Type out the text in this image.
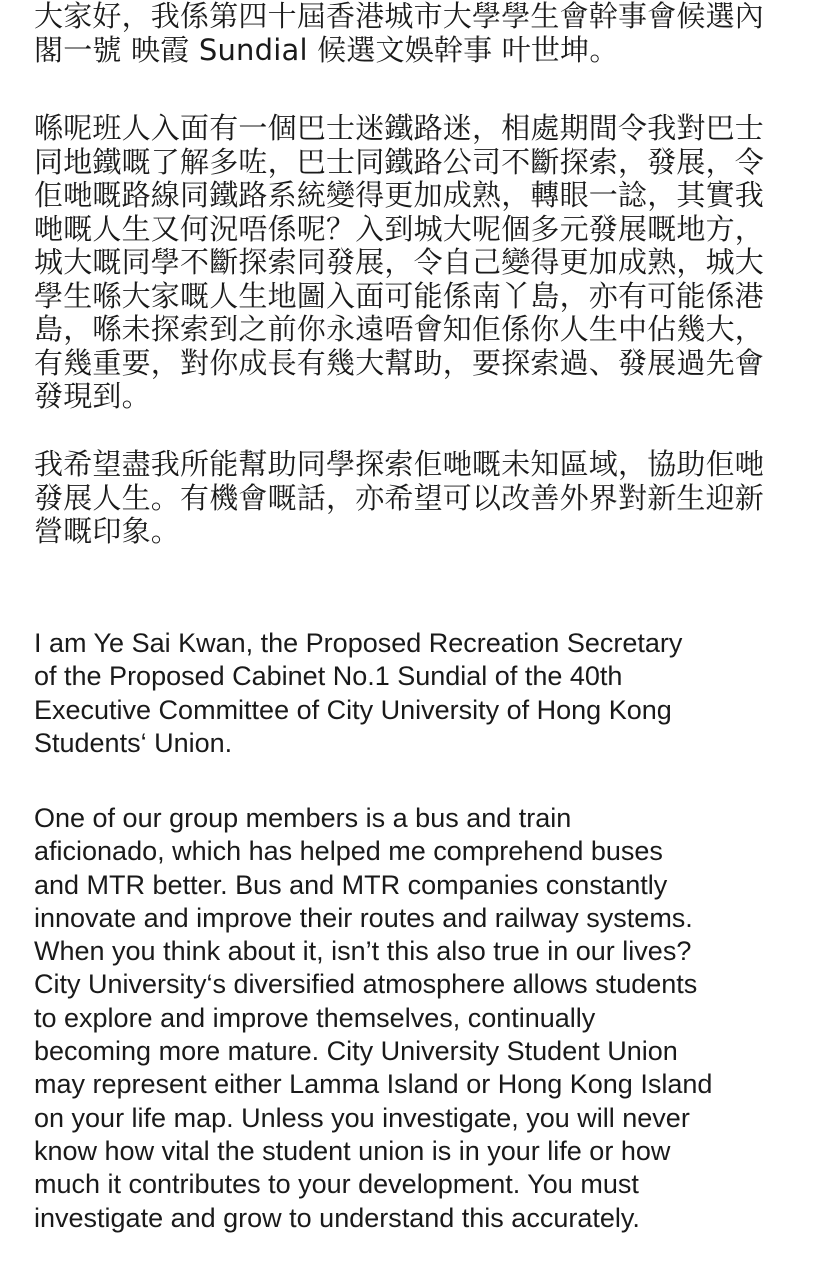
大家好，我係第四十屆香港城市大學學生會幹事會候選內
閣一號 映霞 Sundial 候選文娛幹事 叶世坤。

喺呢班人入面有一個巴士迷鐵路迷，相處期間令我對巴士
同地鐵嘅了解多咗，巴士同鐵路公司不斷探索，發展，令
佢哋嘅路線同鐵路系統變得更加成熟，轉眼一諗，其實我
哋嘅人生又何況唔係呢？入到城大呢個多元發展嘅地方，
城大嘅同學不斷探索同發展，令自己變得更加成熟，城大
學生喺大家嘅人生地圖入面可能係南丫島，亦有可能係港
島，喺未探索到之前你永遠唔會知佢係你人生中佔幾大，
有幾重要，對你成長有幾大幫助，要探索過、發展過先會
發現到。

我希望盡我所能幫助同學探索佢哋嘅未知區域，協助佢哋
發展人生。有機會嘅話，亦希望可以改善外界對新生迎新
營嘅印象。

I am Ye Sai Kwan, the Proposed Recreation Secretary
of the Proposed Cabinet No.1 Sundial of the 40th
Executive Committee of City University of Hong Kong
Students‘ Union.

One of our group members is a bus and train
aficionado, which has helped me comprehend buses
and MTR better. Bus and MTR companies constantly
innovate and improve their routes and railway systems.
When you think about it, isn’t this also true in our lives?
City University‘s diversified atmosphere allows students
to explore and improve themselves, continually
becoming more mature. City University Student Union
may represent either Lamma Island or Hong Kong Island
on your life map. Unless you investigate, you will never
know how vital the student union is in your life or how
much it contributes to your development. You must
investigate and grow to understand this accurately.
